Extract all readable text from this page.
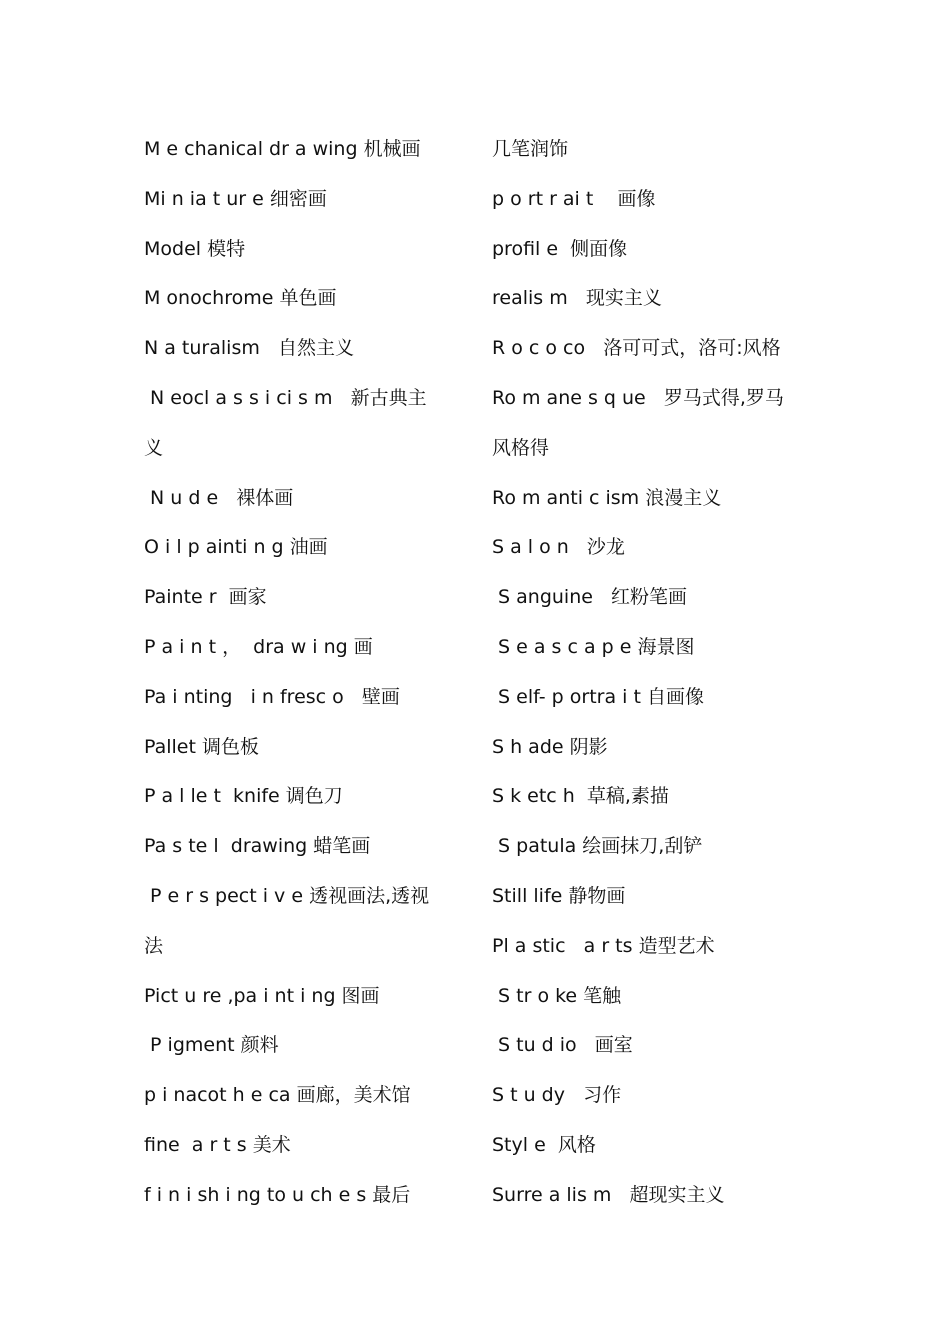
М e chanical dr a wing 机械画
Mi n ia t ur e 细密画
Model 模特
M onochrome 单色画
N a turalism   自然主义
N eocl a s s i ci s m   新古典主
义
N u d e   裸体画
O i l p ainti n g 油画
Painte r  画家
P a i n t ，  dra w i ng 画
Pa i nting   i n fresc o   壁画
Pallet 调色板
P a l le t  knife 调色刀
Pa s te l  drawing 蜡笔画
P e r s pect i v e 透视画法,透视
法
Pict u re ,pa i nt i ng 图画
P igment 颜料
p i nacot h e ca 画廊，美术馆
fine  a r t s 美术
f i n i sh i ng to u ch e s 最后
几笔润饰
p o rt r ai t    画像
profil e  侧面像
realis m   现实主义
R o c o co   洛可可式，洛可:风格
Ro m ane s q ue   罗马式得,罗马
风格得
Ro m anti c ism 浪漫主义
S a l o n   沙龙
S anguine   红粉笔画
S e a s c a p e 海景图
S elf- p ortra i t 自画像
S h ade 阴影
S k etc h  草稿,素描
S patula 绘画抹刀,刮铲
Still life 静物画
Pl a stic   a r ts 造型艺术
S tr o ke 笔触
S tu d io   画室
S t u dy   习作
Styl e  风格
Surre a lis m   超现实主义
